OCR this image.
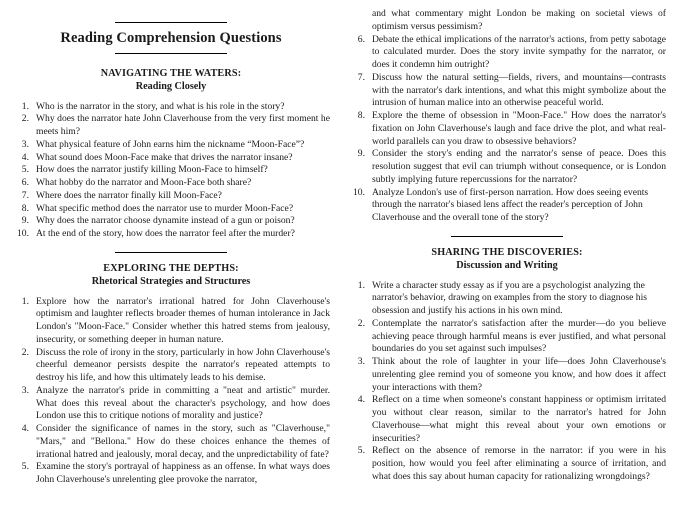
Reading Comprehension Questions
NAVIGATING THE WATERS:
Reading Closely
1. Who is the narrator in the story, and what is his role in the story?
2. Why does the narrator hate John Claverhouse from the very first moment he meets him?
3. What physical feature of John earns him the nickname “Moon-Face”?
4. What sound does Moon-Face make that drives the narrator insane?
5. How does the narrator justify killing Moon-Face to himself?
6. What hobby do the narrator and Moon-Face both share?
7. Where does the narrator finally kill Moon-Face?
8. What specific method does the narrator use to murder Moon-Face?
9. Why does the narrator choose dynamite instead of a gun or poison?
10. At the end of the story, how does the narrator feel after the murder?
EXPLORING THE DEPTHS:
Rhetorical Strategies and Structures
1. Explore how the narrator's irrational hatred for John Claverhouse's optimism and laughter reflects broader themes of human intolerance in Jack London's "Moon-Face." Consider whether this hatred stems from jealousy, insecurity, or something deeper in human nature.
2. Discuss the role of irony in the story, particularly in how John Claverhouse's cheerful demeanor persists despite the narrator's repeated attempts to destroy his life, and how this ultimately leads to his demise.
3. Analyze the narrator's pride in committing a "neat and artistic" murder. What does this reveal about the character's psychology, and how does London use this to critique notions of morality and justice?
4. Consider the significance of names in the story, such as "Claverhouse," "Mars," and "Bellona." How do these choices enhance the themes of irrational hatred and jealously, moral decay, and the unpredictability of fate?
5. Examine the story's portrayal of happiness as an offense. In what ways does John Claverhouse's unrelenting glee provoke the narrator,

and what commentary might London be making on societal views of optimism versus pessimism?

6. Debate the ethical implications of the narrator's actions, from petty sabotage to calculated murder. Does the story invite sympathy for the narrator, or does it condemn him outright?
7. Discuss how the natural setting—fields, rivers, and mountains—contrasts with the narrator's dark intentions, and what this might symbolize about the intrusion of human malice into an otherwise peaceful world.
8. Explore the theme of obsession in "Moon-Face." How does the narrator's fixation on John Claverhouse's laugh and face drive the plot, and what real-world parallels can you draw to obsessive behaviors?
9. Consider the story's ending and the narrator's sense of peace. Does this resolution suggest that evil can triumph without consequence, or is London subtly implying future repercussions for the narrator?
10. Analyze London's use of first-person narration. How does seeing events through the narrator's biased lens affect the reader's perception of John Claverhouse and the overall tone of the story?
SHARING THE DISCOVERIES:
Discussion and Writing
1. Write a character study essay as if you are a psychologist analyzing the narrator's behavior, drawing on examples from the story to diagnose his obsession and justify his actions in his own mind.
2. Contemplate the narrator's satisfaction after the murder—do you believe achieving peace through harmful means is ever justified, and what personal boundaries do you set against such impulses?
3. Think about the role of laughter in your life—does John Claverhouse's unrelenting glee remind you of someone you know, and how does it affect your interactions with them?
4. Reflect on a time when someone's constant happiness or optimism irritated you without clear reason, similar to the narrator's hatred for John Claverhouse—what might this reveal about your own emotions or insecurities?
5. Reflect on the absence of remorse in the narrator: if you were in his position, how would you feel after eliminating a source of irritation, and what does this say about human capacity for rationalizing wrongdoings?
